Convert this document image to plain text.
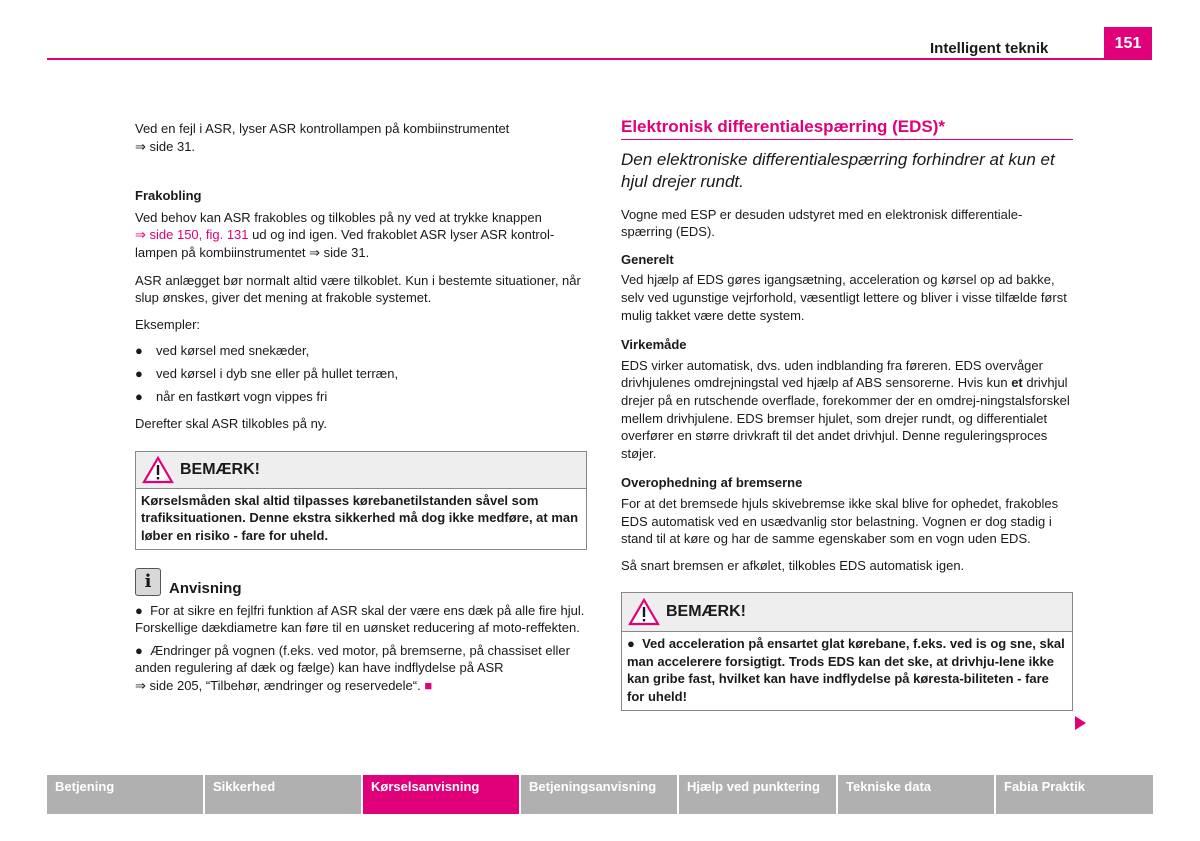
Intelligent teknik	151

Ved en fejl i ASR, lyser ASR kontrollampen på kombiinstrumentet
⇒ side 31.

Frakobling

Ved behov kan ASR frakobles og tilkobles på ny ved at trykke knappen
⇒ side 150, fig. 131 ud og ind igen. Ved frakoblet ASR lyser ASR kontrol-
lampen på kombiinstrumentet ⇒ side 31.

ASR anlægget bør normalt altid være tilkoblet. Kun i bestemte situationer, når slup ønskes, giver det mening at frakoble systemet.

Eksempler:

● ved kørsel med snekæder,
● ved kørsel i dyb sne eller på hullet terræn,
● når en fastkørt vogn vippes fri

Derefter skal ASR tilkobles på ny.

BEMÆRK!
Kørselsmåden skal altid tilpasses kørebanetilstanden såvel som trafiksituationen. Denne ekstra sikkerhed må dog ikke medføre, at man løber en risiko - fare for uheld.
i	Anvisning
● For at sikre en fejlfri funktion af ASR skal der være ens dæk på alle fire hjul. Forskellige dækdiametre kan føre til en uønsket reducering af moto-reffekten.
● Ændringer på vognen (f.eks. ved motor, på bremserne, på chassiset eller anden regulering af dæk og fælge) kan have indflydelse på ASR
⇒ side 205, “Tilbehør, ændringer og reservedele“. ■
Elektronisk differentialespærring (EDS)*

Den elektroniske differentialespærring forhindrer at kun et hjul drejer rundt.

Vogne med ESP er desuden udstyret med en elektronisk differentiale-spærring (EDS).

Generelt

Ved hjælp af EDS gøres igangsætning, acceleration og kørsel op ad bakke, selv ved ugunstige vejrforhold, væsentligt lettere og bliver i visse tilfælde først mulig takket være dette system.

Virkemåde

EDS virker automatisk, dvs. uden indblanding fra føreren. EDS overvåger drivhjulenes omdrejningstal ved hjælp af ABS sensorerne. Hvis kun et drivhjul drejer på en rutschende overflade, forekommer der en omdrej-ningstalsforskel mellem drivhjulene. EDS bremser hjulet, som drejer rundt, og differentialet overfører en større drivkraft til det andet drivhjul. Denne reguleringsproces støjer.

Overophedning af bremserne

For at det bremsede hjuls skivebremse ikke skal blive for ophedet, frakobles EDS automatisk ved en usædvanlig stor belastning. Vognen er dog stadig i stand til at køre og har de samme egenskaber som en vogn uden EDS.

Så snart bremsen er afkølet, tilkobles EDS automatisk igen.

BEMÆRK!
● Ved acceleration på ensartet glat kørebane, f.eks. ved is og sne, skal man accelerere forsigtigt. Trods EDS kan det ske, at drivhju-lene ikke kan gribe fast, hvilket kan have indflydelse på køresta-biliteten - fare for uheld!
Betjening	Sikkerhed	Kørselsanvisning	Betjeningsanvisning	Hjælp ved punktering	Tekniske data	Fabia Praktik
